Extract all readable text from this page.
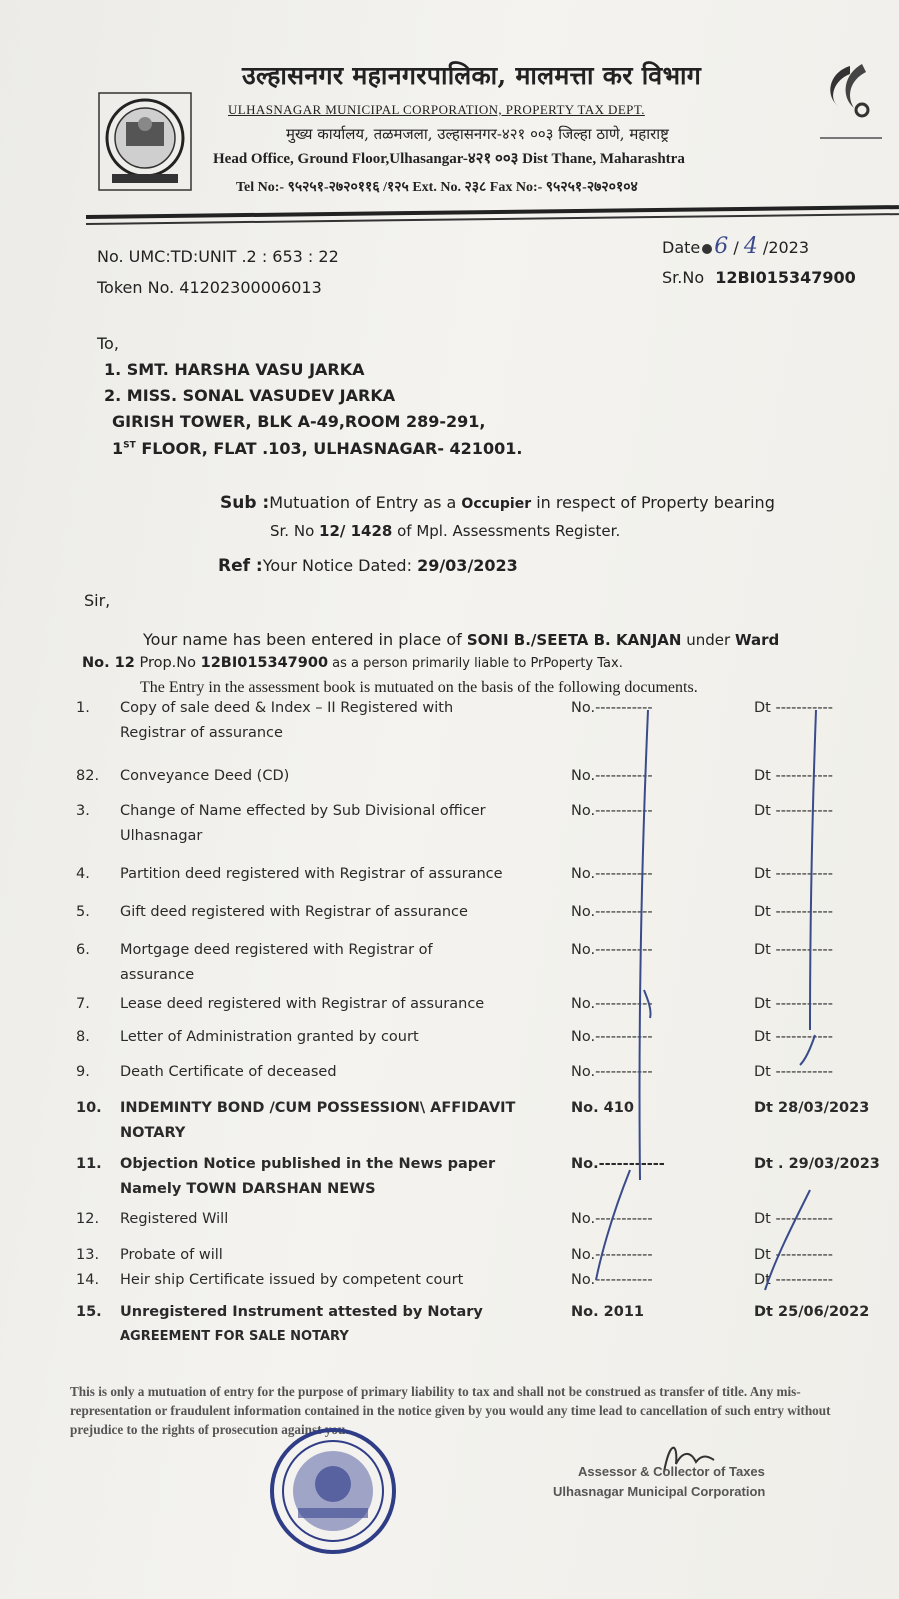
उल्हासनगर महानगरपालिका, मालमत्ता कर विभाग
ULHASNAGAR MUNICIPAL CORPORATION, PROPERTY TAX DEPT.
मुख्य कार्यालय, तळमजला, उल्हासनगर-४२१ ००३ जिल्हा ठाणे, महाराष्ट्र
Head Office, Ground Floor,Ulhasangar-४२१ ००३ Dist Thane, Maharashtra
Tel No:- ९५२५१-२७२०११६ /१२५ Ext. No. २३८ Fax No:- ९५२५१-२७२०१०४
No. UMC:TD:UNIT .2 : 653 : 22
Token No. 41202300006013
Date 6 / 4 /2023
Sr.No 12BI015347900
To,
1. SMT. HARSHA VASU JARKA
2. MISS. SONAL VASUDEV JARKA
GIRISH TOWER, BLK A-49,ROOM 289-291,
1ST FLOOR, FLAT .103, ULHASNAGAR- 421001.
Sub :Mutuation of Entry as a Occupier in respect of Property bearing
Sr. No 12/ 1428 of Mpl. Assessments Register.
Ref :Your Notice Dated: 29/03/2023
Sir,
Your name has been entered in place of SONI B./SEETA B. KANJAN under Ward
No. 12 Prop.No 12BI015347900 as a person primarily liable to PrPoperty Tax.
The Entry in the assessment book is mutuated on the basis of the following documents.
1. Copy of sale deed & Index – II Registered with
Registrar of assurance
No.-----------	Dt -----------
82. Conveyance Deed (CD)	No.-----------	Dt -----------
3. Change of Name effected by Sub Divisional officer
Ulhasnagar
No.-----------	Dt -----------
4. Partition deed registered with Registrar of assurance	No.-----------	Dt -----------
5. Gift deed registered with Registrar of assurance	No.-----------	Dt -----------
6. Mortgage deed registered with Registrar of
assurance
No.-----------	Dt -----------
7. Lease deed registered with Registrar of assurance	No.-----------	Dt -----------
8. Letter of Administration granted by court	No.-----------	Dt -----------
9. Death Certificate of deceased	No.-----------	Dt -----------
10. INDEMINTY BOND /CUM POSSESSION\ AFFIDAVIT
NOTARY
No. 410	Dt 28/03/2023
11. Objection Notice published in the News paper
Namely TOWN DARSHAN NEWS
No.-----------	Dt . 29/03/2023
12. Registered Will	No.-----------	Dt -----------
13. Probate of will	No.-----------	Dt -----------
14. Heir ship Certificate issued by competent court	No.-----------	Dt -----------
15. Unregistered Instrument attested by Notary
AGREEMENT FOR SALE NOTARY
No. 2011	Dt 25/06/2022
This is only a mutuation of entry for the purpose of primary liability to tax and shall not be construed as transfer of title. Any mis-representation or fraudulent information contained in the notice given by you would any time lead to cancellation of such entry without prejudice to the rights of prosecution against you.
Assessor & Collector of Taxes
Ulhasnagar Municipal Corporation
